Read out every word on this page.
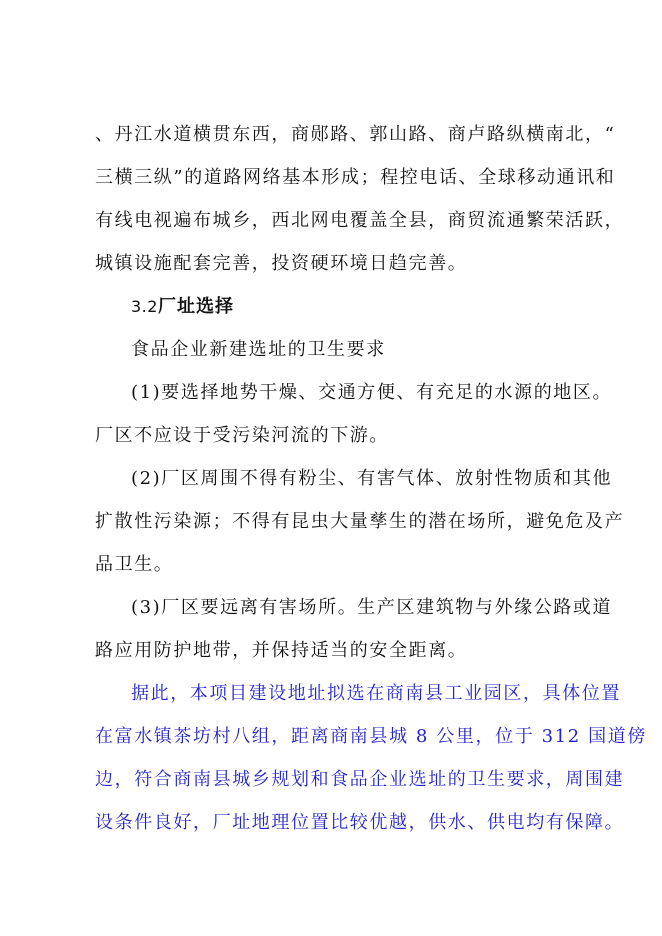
、丹江水道横贯东西，商郧路、郭山路、商卢路纵横南北，“
三横三纵”的道路网络基本形成；程控电话、全球移动通讯和
有线电视遍布城乡，西北网电覆盖全县，商贸流通繁荣活跃，
城镇设施配套完善，投资硬环境日趋完善。
3.2厂址选择
食品企业新建选址的卫生要求
(1)要选择地势干燥、交通方便、有充足的水源的地区。
厂区不应设于受污染河流的下游。
(2)厂区周围不得有粉尘、有害气体、放射性物质和其他
扩散性污染源；不得有昆虫大量孳生的潜在场所，避免危及产
品卫生。
(3)厂区要远离有害场所。生产区建筑物与外缘公路或道
路应用防护地带，并保持适当的安全距离。
据此，本项目建设地址拟选在商南县工业园区，具体位置
在富水镇茶坊村八组，距离商南县城 8 公里，位于 312 国道傍
边，符合商南县城乡规划和食品企业选址的卫生要求，周围建
设条件良好，厂址地理位置比较优越，供水、供电均有保障。
